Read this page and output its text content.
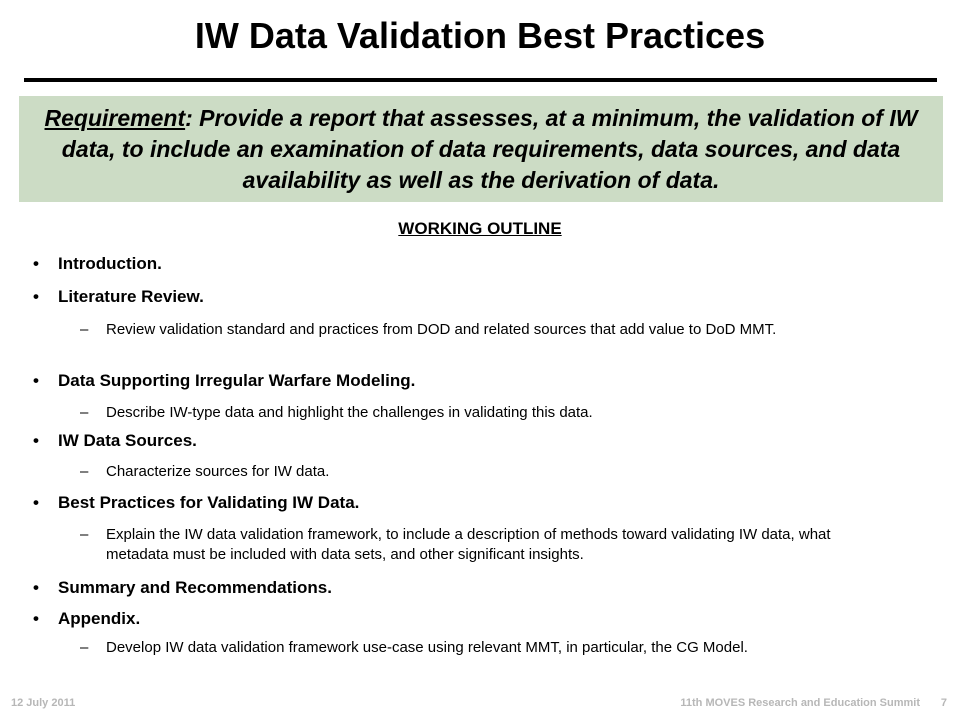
IW Data Validation Best Practices
Requirement: Provide a report that assesses, at a minimum, the validation of IW data, to include an examination of data requirements, data sources, and data availability as well as the derivation of data.
WORKING OUTLINE
• Introduction.
• Literature Review.
–	Review validation standard and practices from DOD and related sources that add value to DoD MMT.
• Data Supporting Irregular Warfare Modeling.
–	Describe IW-type data and highlight the challenges in validating this data.
• IW Data Sources.
–	Characterize sources for IW data.
• Best Practices for Validating IW Data.
–	Explain the IW data validation framework, to include a description of methods toward validating IW data, what metadata must be included with data sets, and other significant insights.
• Summary and Recommendations.
• Appendix.
–	Develop IW data validation framework use-case using relevant MMT, in particular, the CG Model.
12 July 2011	11th MOVES Research and Education Summit 7
